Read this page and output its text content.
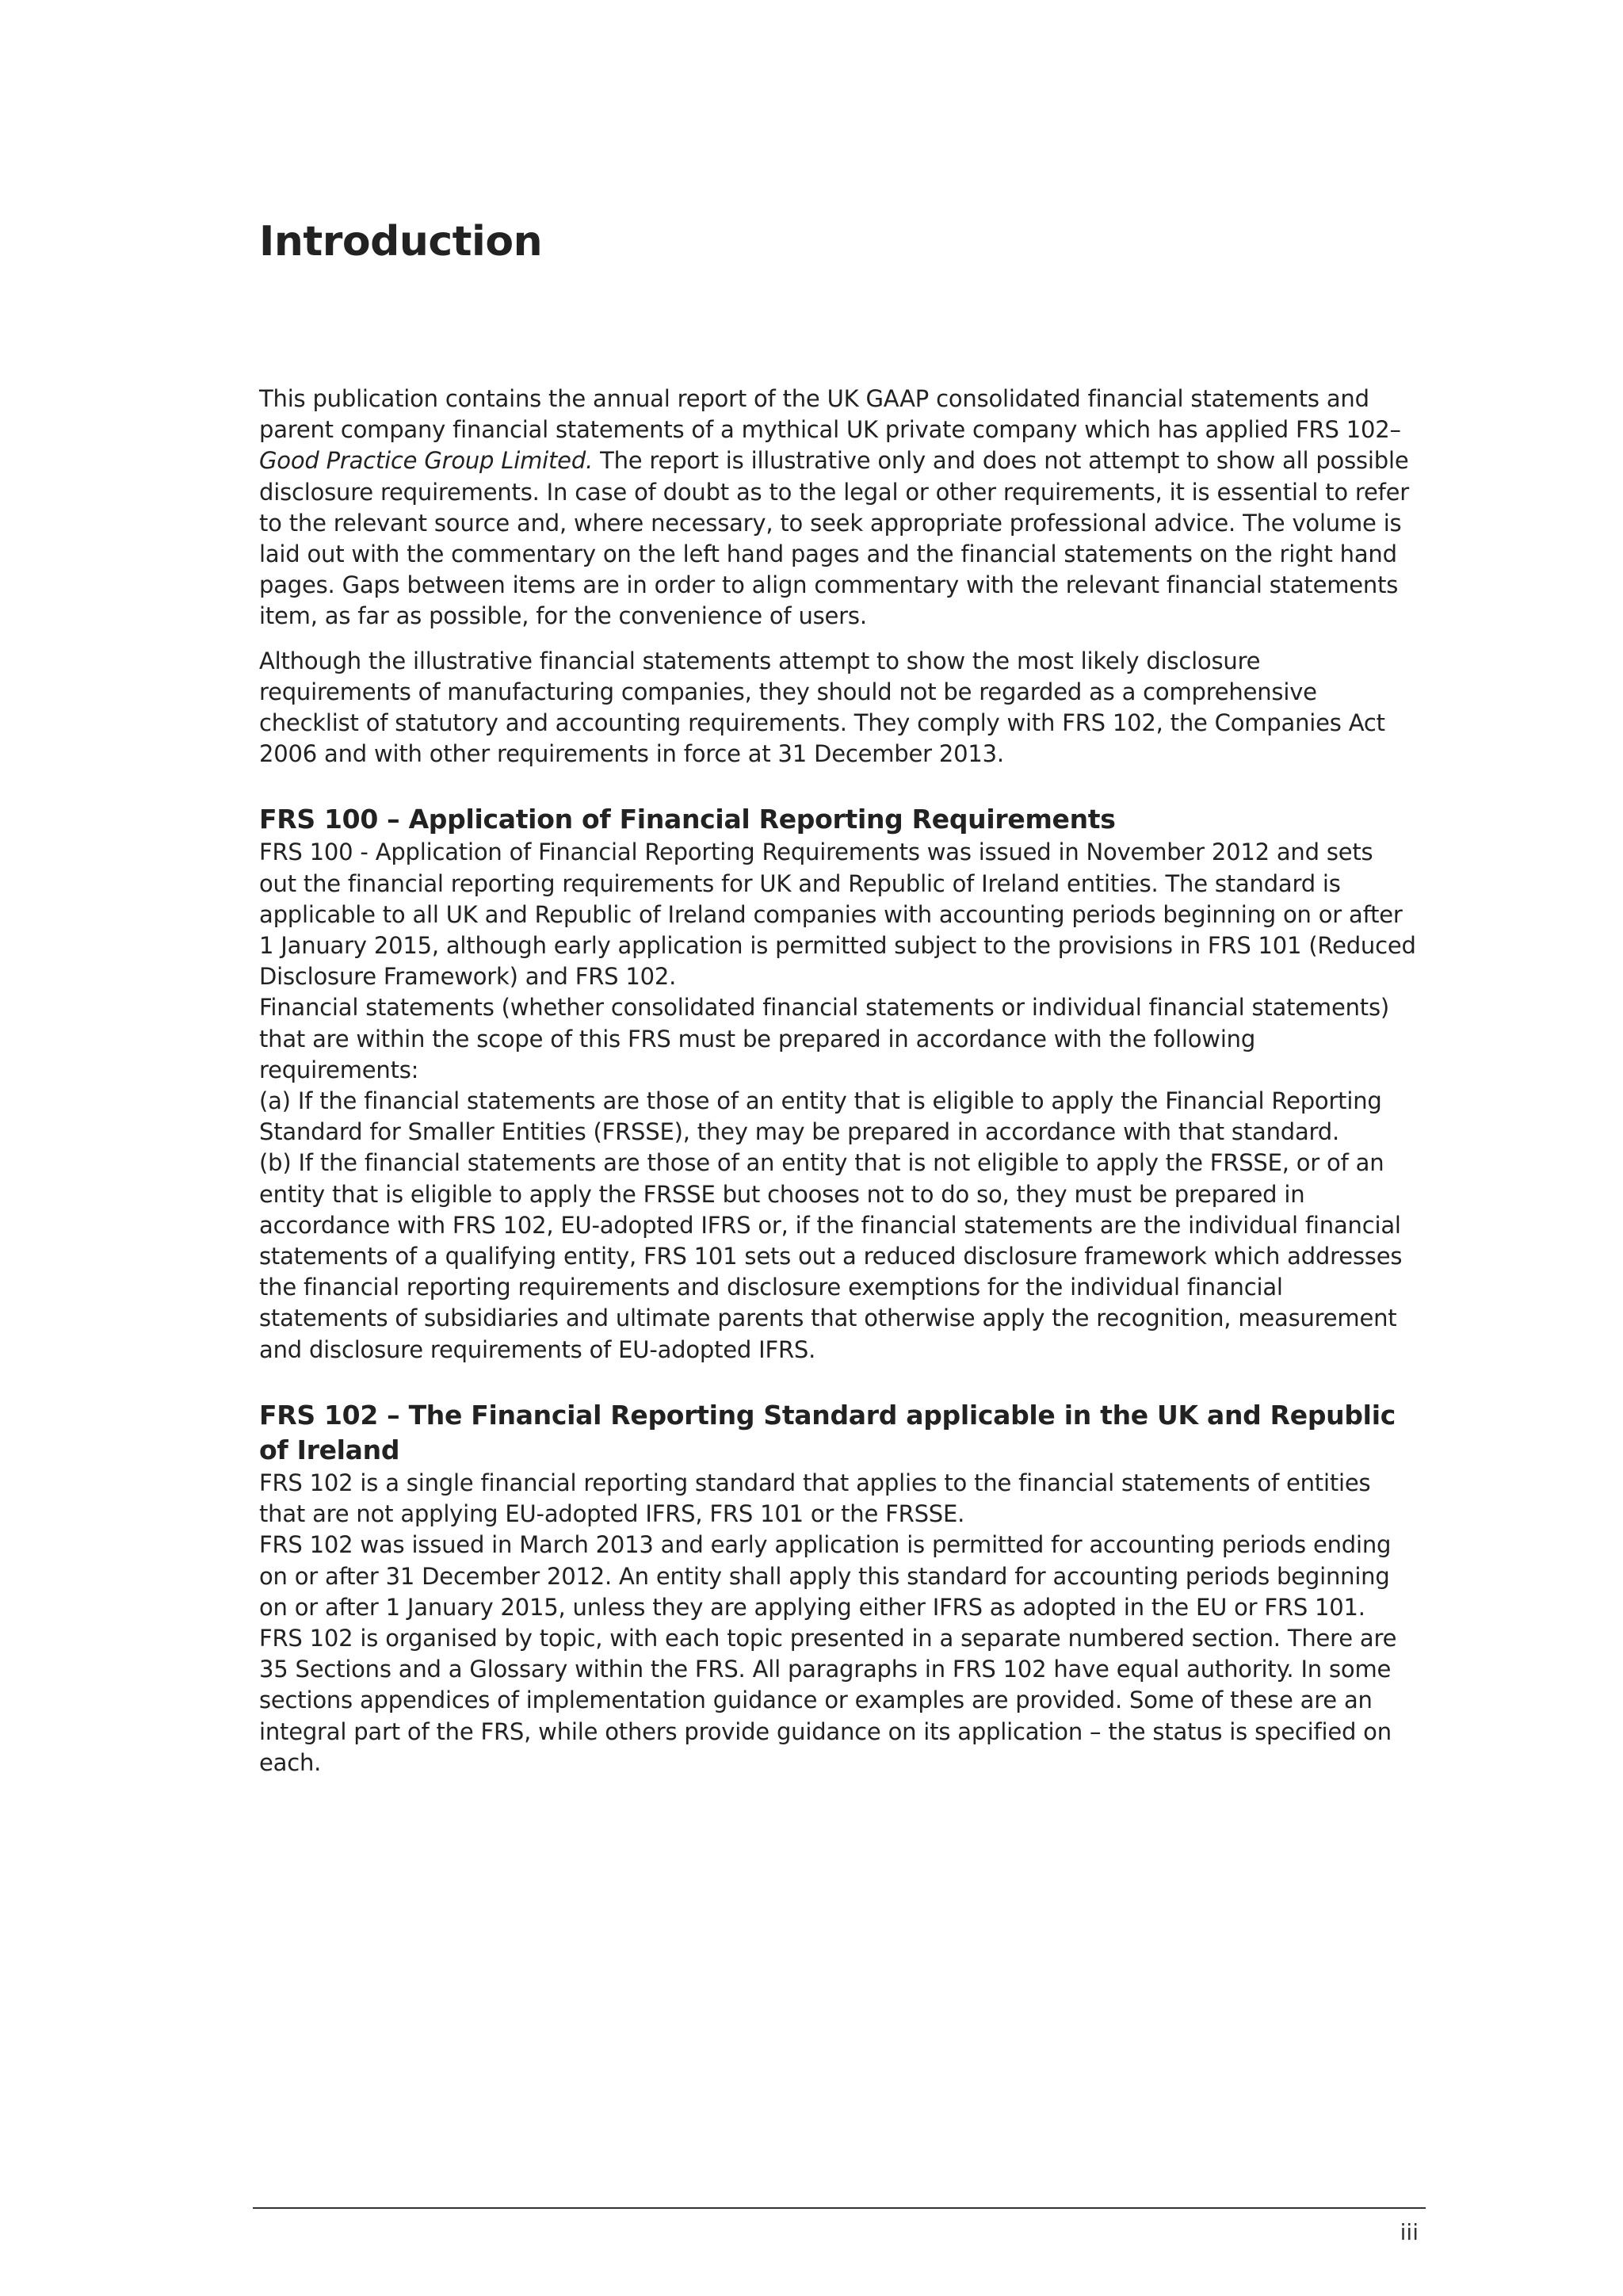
Introduction

This publication contains the annual report of the UK GAAP consolidated financial statements and parent company financial statements of a mythical UK private company which has applied FRS 102– Good Practice Group Limited. The report is illustrative only and does not attempt to show all possible disclosure requirements. In case of doubt as to the legal or other requirements, it is essential to refer to the relevant source and, where necessary, to seek appropriate professional advice. The volume is laid out with the commentary on the left hand pages and the financial statements on the right hand pages. Gaps between items are in order to align commentary with the relevant financial statements item, as far as possible, for the convenience of users.

Although the illustrative financial statements attempt to show the most likely disclosure requirements of manufacturing companies, they should not be regarded as a comprehensive checklist of statutory and accounting requirements. They comply with FRS 102, the Companies Act 2006 and with other requirements in force at 31 December 2013.

FRS 100 – Application of Financial Reporting Requirements

FRS 100 - Application of Financial Reporting Requirements was issued in November 2012 and sets out the financial reporting requirements for UK and Republic of Ireland entities. The standard is applicable to all UK and Republic of Ireland companies with accounting periods beginning on or after 1 January 2015, although early application is permitted subject to the provisions in FRS 101 (Reduced Disclosure Framework) and FRS 102.

Financial statements (whether consolidated financial statements or individual financial statements) that are within the scope of this FRS must be prepared in accordance with the following requirements:

(a) If the financial statements are those of an entity that is eligible to apply the Financial Reporting Standard for Smaller Entities (FRSSE), they may be prepared in accordance with that standard.

(b) If the financial statements are those of an entity that is not eligible to apply the FRSSE, or of an entity that is eligible to apply the FRSSE but chooses not to do so, they must be prepared in accordance with FRS 102, EU-adopted IFRS or, if the financial statements are the individual financial statements of a qualifying entity, FRS 101 sets out a reduced disclosure framework which addresses the financial reporting requirements and disclosure exemptions for the individual financial statements of subsidiaries and ultimate parents that otherwise apply the recognition, measurement and disclosure requirements of EU-adopted IFRS.

FRS 102 – The Financial Reporting Standard applicable in the UK and Republic of Ireland

FRS 102 is a single financial reporting standard that applies to the financial statements of entities that are not applying EU-adopted IFRS, FRS 101 or the FRSSE.

FRS 102 was issued in March 2013 and early application is permitted for accounting periods ending on or after 31 December 2012. An entity shall apply this standard for accounting periods beginning on or after 1 January 2015, unless they are applying either IFRS as adopted in the EU or FRS 101.

FRS 102 is organised by topic, with each topic presented in a separate numbered section. There are 35 Sections and a Glossary within the FRS. All paragraphs in FRS 102 have equal authority. In some sections appendices of implementation guidance or examples are provided. Some of these are an integral part of the FRS, while others provide guidance on its application – the status is specified on each.

iii
